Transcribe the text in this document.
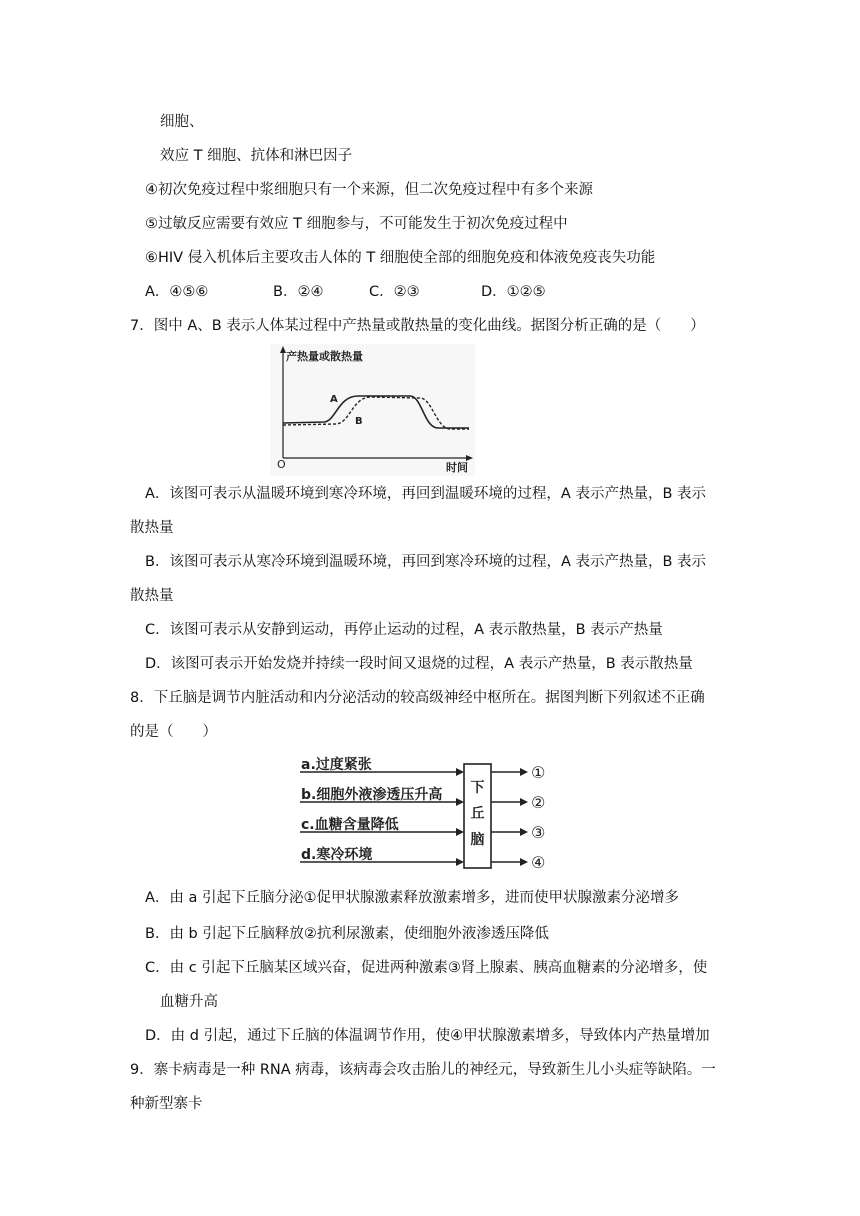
细胞、
效应 T 细胞、抗体和淋巴因子
④初次免疫过程中浆细胞只有一个来源，但二次免疫过程中有多个来源
⑤过敏反应需要有效应 T 细胞参与，不可能发生于初次免疫过程中
⑥HIV 侵入机体后主要攻击人体的 T 细胞使全部的细胞免疫和体液免疫丧失功能
A．④⑤⑥	B．②④	C．②③	D．①②⑤
7．图中 A、B 表示人体某过程中产热量或散热量的变化曲线。据图分析正确的是（　　）
产热量或散热量
时间
O
A
B
A．该图可表示从温暖环境到寒冷环境，再回到温暖环境的过程，A 表示产热量，B 表示
散热量
B．该图可表示从寒冷环境到温暖环境，再回到寒冷环境的过程，A 表示产热量，B 表示
散热量
C．该图可表示从安静到运动，再停止运动的过程，A 表示散热量，B 表示产热量
D．该图可表示开始发烧并持续一段时间又退烧的过程，A 表示产热量，B 表示散热量
8．下丘脑是调节内脏活动和内分泌活动的较高级神经中枢所在。据图判断下列叙述不正确
的是（　　）
a.过度紧张
b.细胞外液渗透压升高
c.血糖含量降低
d.寒冷环境
下
丘
脑
①
②
③
④
A．由 a 引起下丘脑分泌①促甲状腺激素释放激素增多，进而使甲状腺激素分泌增多
B．由 b 引起下丘脑释放②抗利尿激素，使细胞外液渗透压降低
C．由 c 引起下丘脑某区域兴奋，促进两种激素③肾上腺素、胰高血糖素的分泌增多，使
血糖升高
D．由 d 引起，通过下丘脑的体温调节作用，使④甲状腺激素增多，导致体内产热量增加
9．寨卡病毒是一种 RNA 病毒，该病毒会攻击胎儿的神经元，导致新生儿小头症等缺陷。一
种新型寨卡
